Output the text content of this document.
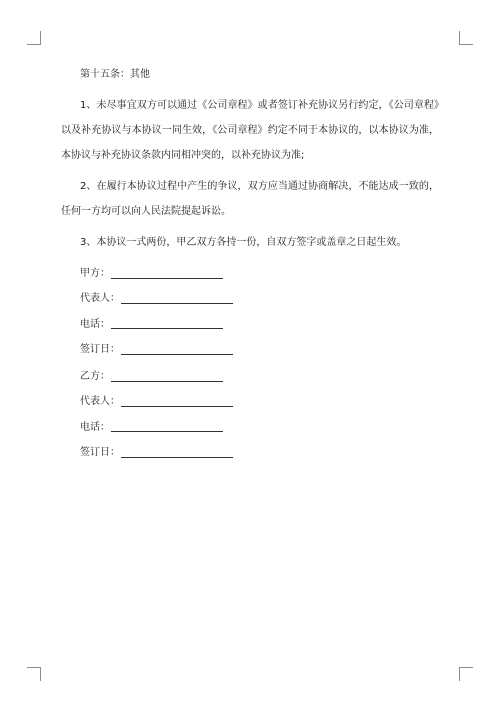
第十五条：其他
1、未尽事宜双方可以通过《公司章程》或者签订补充协议另行约定，《公司章程》以及补充协议与本协议一同生效，《公司章程》约定不同于本协议的，以本协议为准，本协议与补充协议条款内同相冲突的，以补充协议为准;
2、在履行本协议过程中产生的争议，双方应当通过协商解决，不能达成一致的，任何一方均可以向人民法院提起诉讼。
3、本协议一式两份，甲乙双方各持一份，自双方签字或盖章之日起生效。
甲方：
代表人：
电话：
签订日：
乙方：
代表人：
电话：
签订日：
